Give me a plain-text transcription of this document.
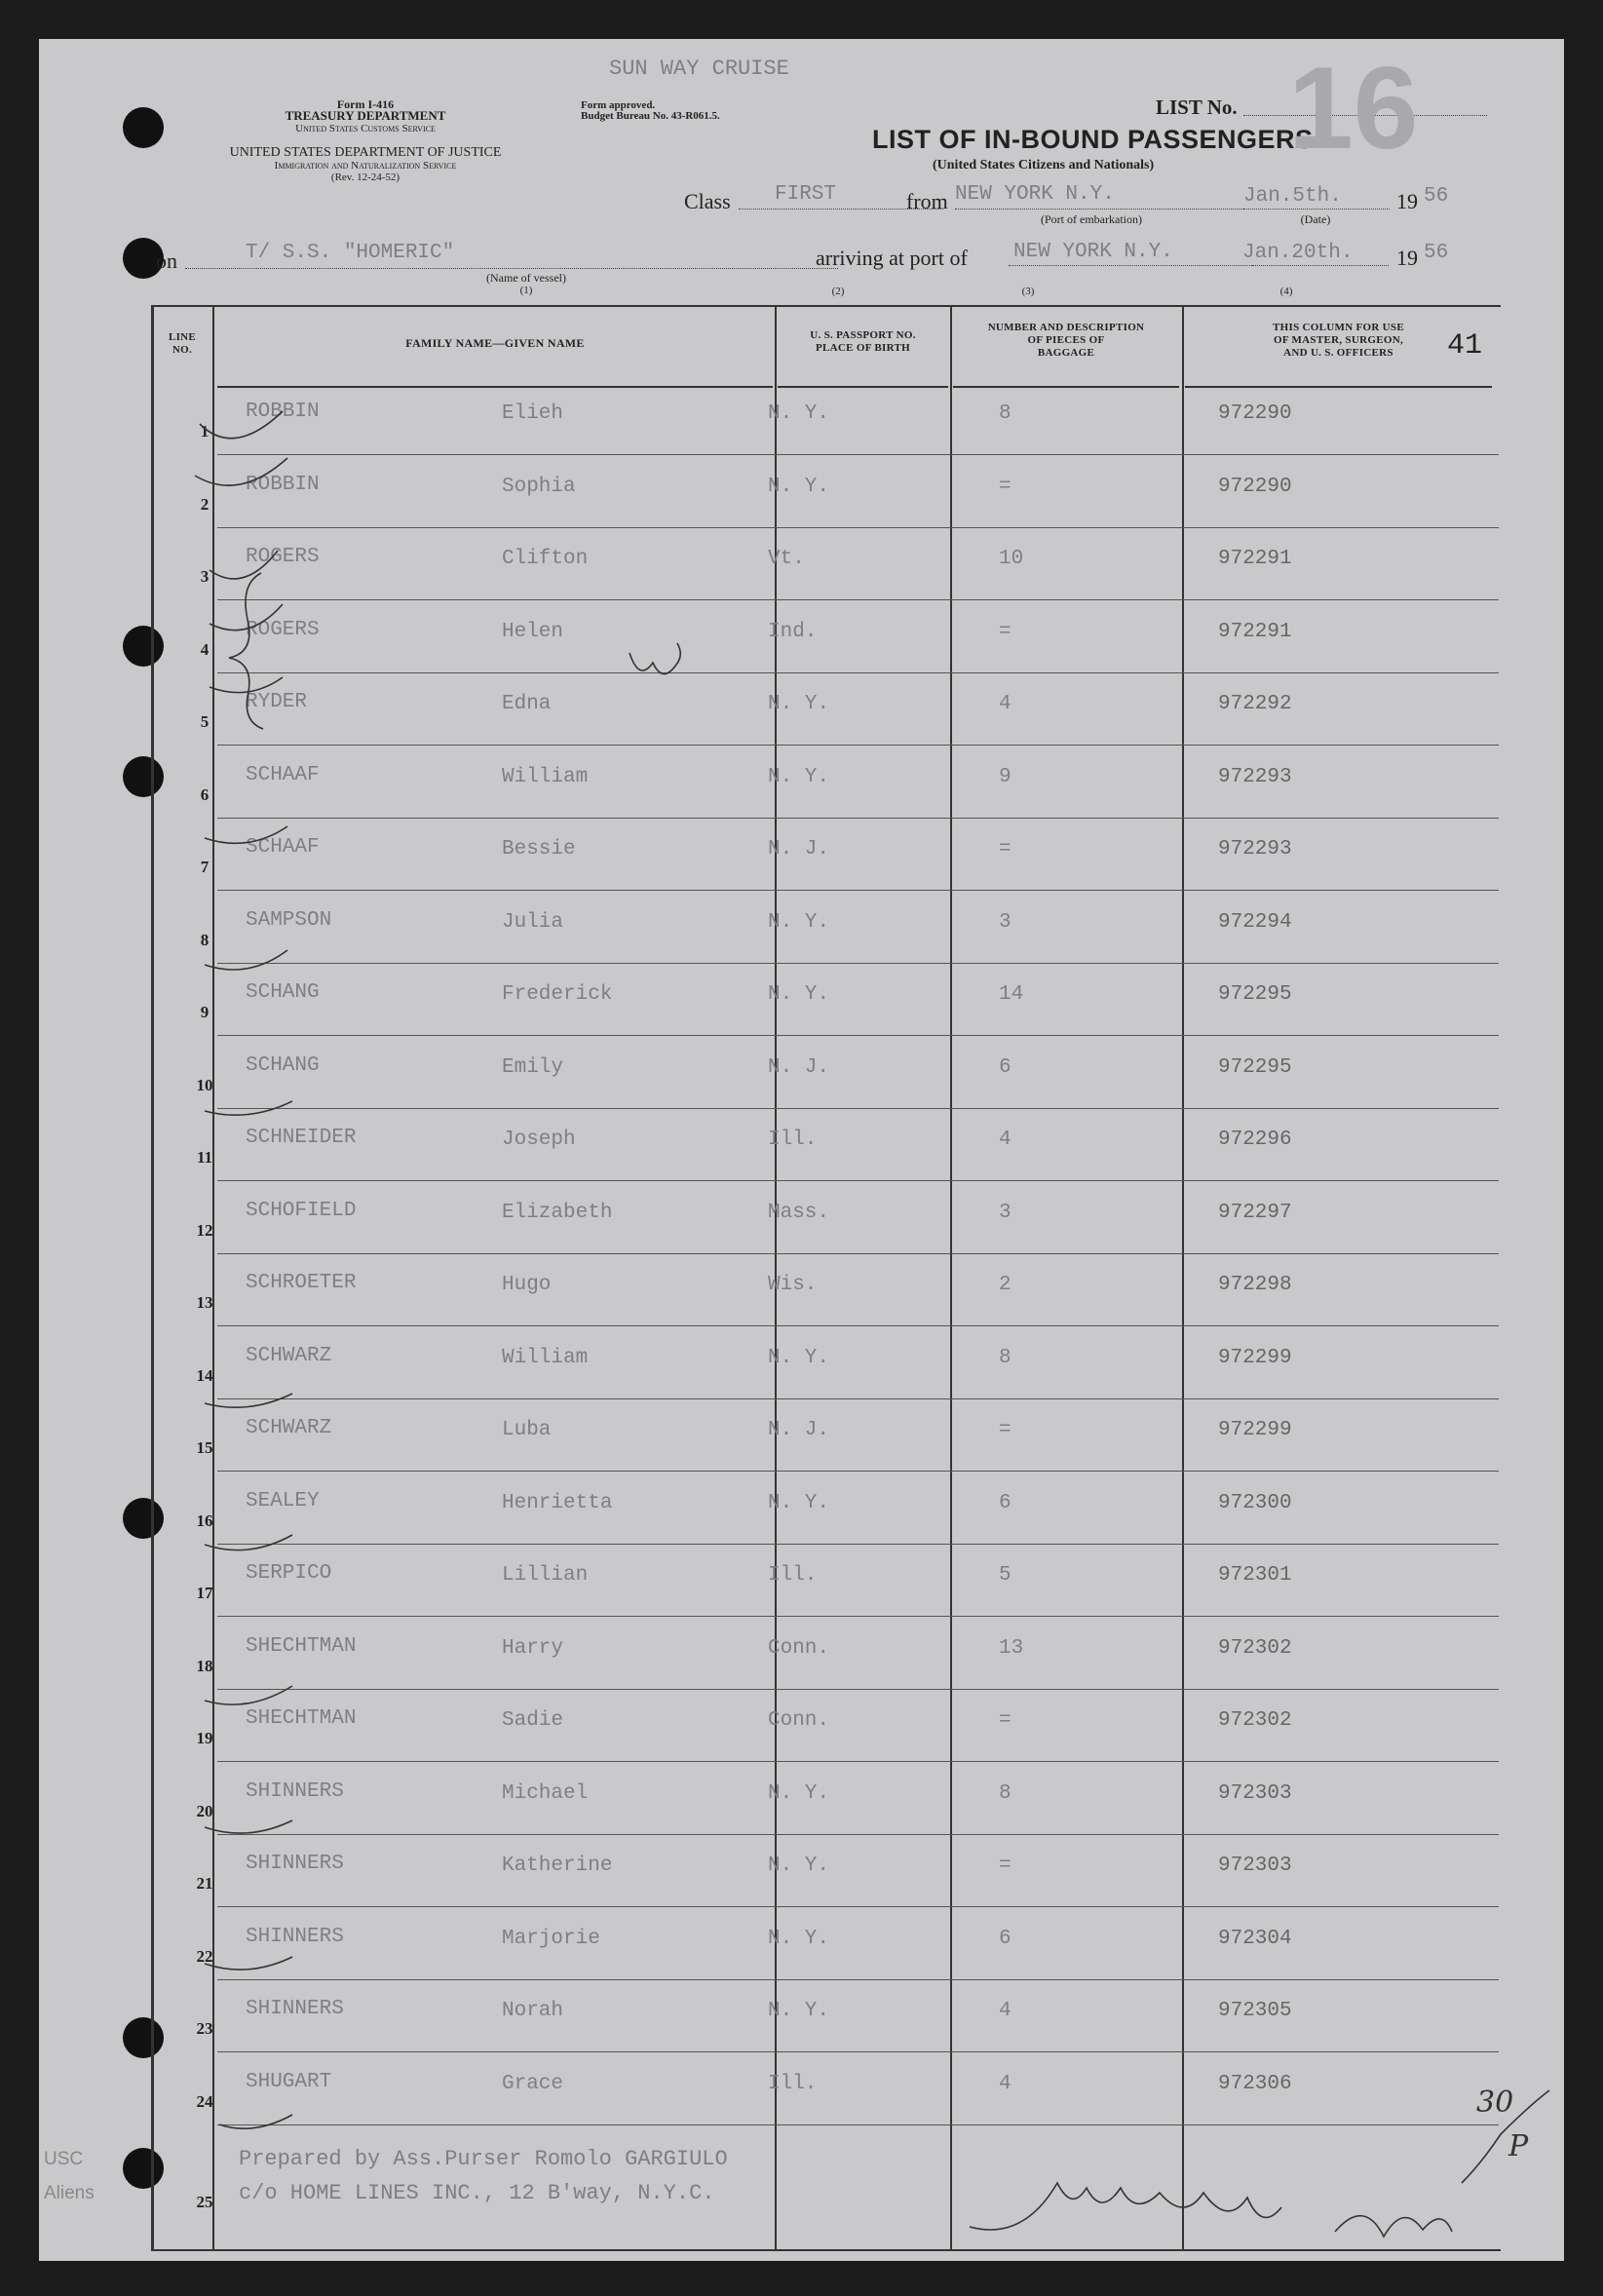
SUN WAY CRUISE
Form I-416
TREASURY DEPARTMENT
United States Customs Service
UNITED STATES DEPARTMENT OF JUSTICE
Immigration and Naturalization Service
(Rev. 12-24-52)
Form approved.
Budget Bureau No. 43-R061.5.	LIST No.
LIST OF IN-BOUND PASSENGERS
(United States Citizens and Nationals) 16
Class FIRST	from NEW YORK N.Y.
(Port of embarkation)
Jan.5th.	19 56
(Date)
on	T/ S.S. "HOMERIC"
(Name of vessel)
(1)
arriving at port of NEW YORK N.Y.	Jan.20th. 19 56
(2)	(3)	(4)
LINE
NO.	FAMILY NAME—GIVEN NAME
U. S. PASSPORT NO.
PLACE OF BIRTH
NUMBER AND DESCRIPTION
OF PIECES OF
BAGGAGE
THIS COLUMN FOR USE
OF MASTER, SURGEON,
AND U. S. OFFICERS	41
1
ROBBIN	Elieh	N. Y.	8	972290
2
ROBBIN	Sophia	N. Y.	=	972290
3
ROGERS	Clifton	Vt.	10	972291
4
ROGERS	Helen	Ind.	=	972291
5
RYDER	Edna	N. Y.	4	972292
6
SCHAAF	William	N. Y.	9	972293
7
SCHAAF	Bessie	N. J.	=	972293
8
SAMPSON	Julia	N. Y.	3	972294
9
SCHANG	Frederick	N. Y.	14	972295
10
SCHANG	Emily	N. J.	6	972295
11
SCHNEIDER	Joseph	Ill.	4	972296
12
SCHOFIELD	Elizabeth	Mass.	3	972297
13
SCHROETER	Hugo	Wis.	2	972298
14
SCHWARZ	William	N. Y.	8	972299
15
SCHWARZ	Luba	N. J.	=	972299
16
SEALEY	Henrietta	N. Y.	6	972300
17
SERPICO	Lillian	Ill.	5	972301
18
SHECHTMAN	Harry	Conn.	13	972302
19
SHECHTMAN	Sadie	Conn.	=	972302
20
SHINNERS	Michael	N. Y.	8	972303
21
SHINNERS	Katherine	N. Y.	=	972303
22
SHINNERS	Marjorie	N. Y.	6	972304
23
SHINNERS	Norah	N. Y.	4	972305
24
SHUGART	Grace	Ill.	4	972306
25
Prepared by Ass.Purser Romolo GARGIULO
c/o HOME LINES INC., 12 B'way, N.Y.C.
USC
Aliens
30
P
